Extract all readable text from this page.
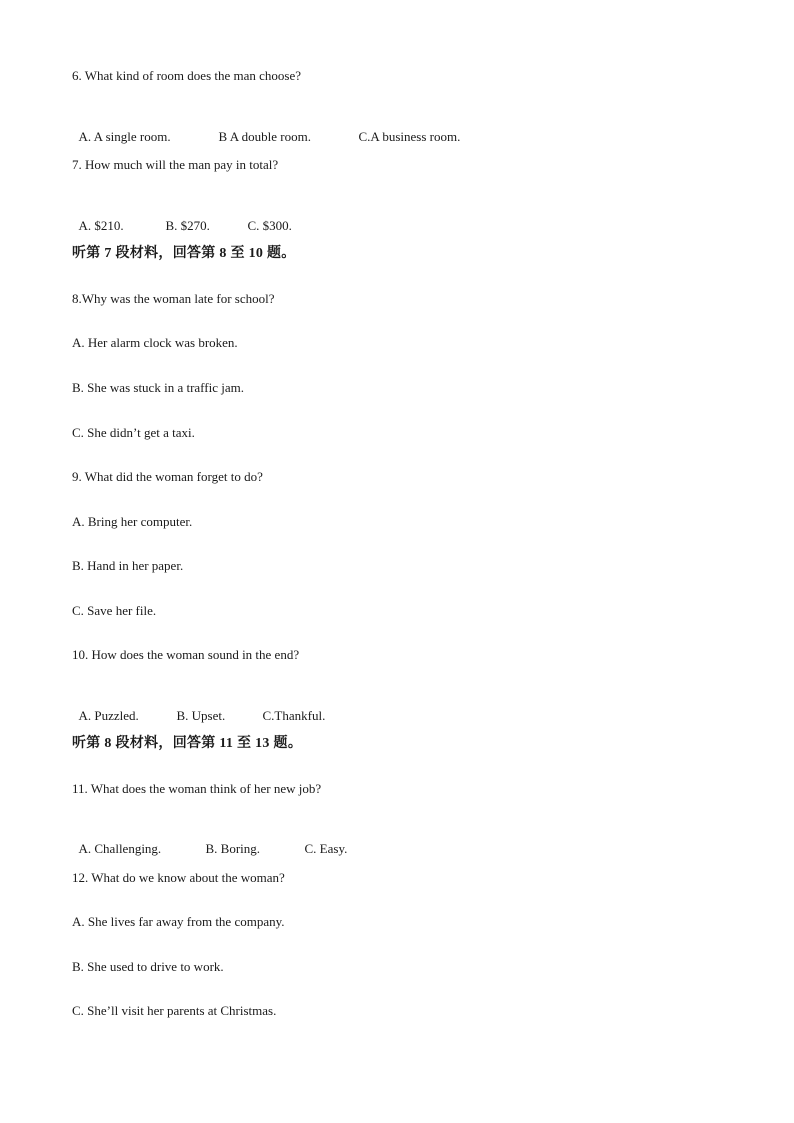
6. What kind of room does the man choose?

A. A single room.	B A double room.	C.A business room.

7. How much will the man pay in total?

A. $210.	B. $270.	C. $300.

听第 7 段材料，回答第 8 至 10 题。
8.Why was the woman late for school?
A. Her alarm clock was broken.
B. She was stuck in a traffic jam.
C. She didn’t get a taxi.
9. What did the woman forget to do?
A. Bring her computer.
B. Hand in her paper.
C. Save her file.
10. How does the woman sound in the end?

A. Puzzled.	B. Upset.	C.Thankful.

听第 8 段材料，回答第 11 至 13 题。
11. What does the woman think of her new job?

A. Challenging.	B. Boring.	C. Easy.

12. What do we know about the woman?
A. She lives far away from the company.
B. She used to drive to work.
C. She’ll visit her parents at Christmas.
